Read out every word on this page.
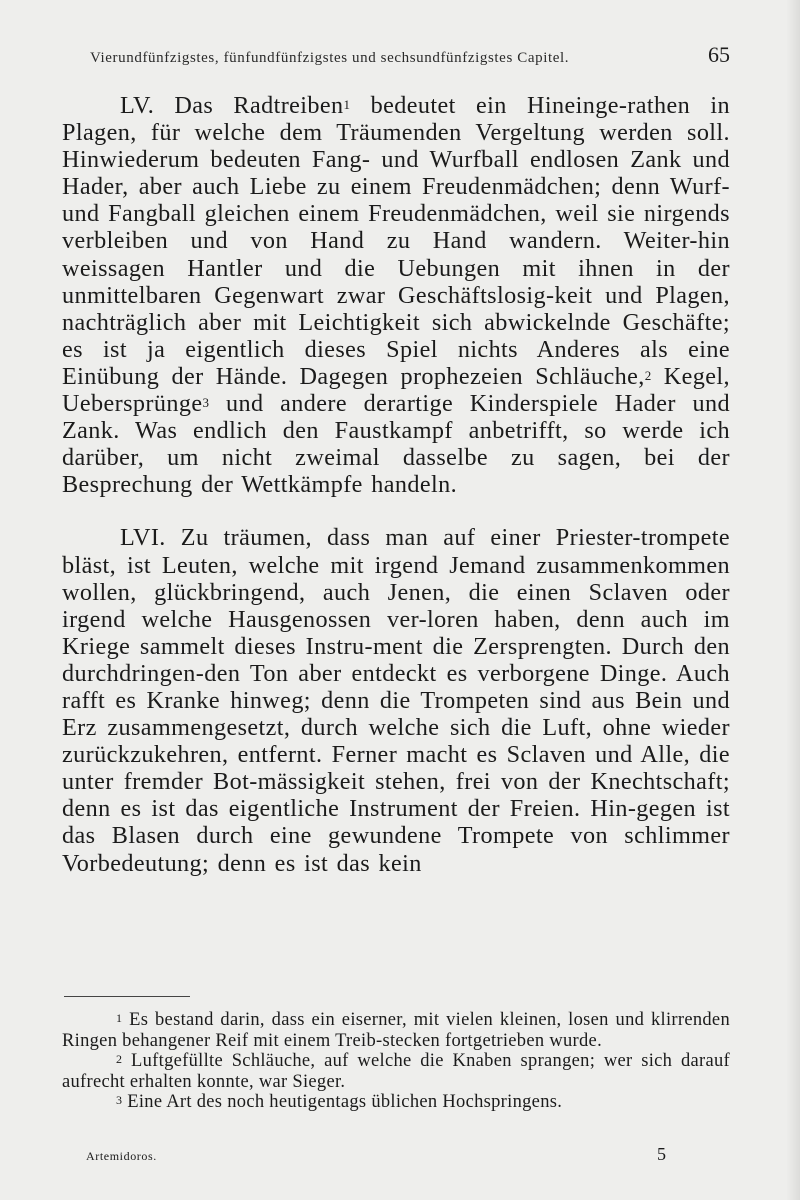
Vierundfünfzigstes, fünfundfünfzigstes und sechsundfünfzigstes Capitel.	65

LV. Das Radtreiben$^1$ bedeutet ein Hineinge-rathen in Plagen, für welche dem Träumenden Vergeltung werden soll. Hinwiederum bedeuten Fang- und Wurfball endlosen Zank und Hader, aber auch Liebe zu einem Freudenmädchen; denn Wurf- und Fangball gleichen einem Freudenmädchen, weil sie nirgends verbleiben und von Hand zu Hand wandern. Weiter-hin weissagen Hantler und die Uebungen mit ihnen in der unmittelbaren Gegenwart zwar Geschäftslosig-keit und Plagen, nachträglich aber mit Leichtigkeit sich abwickelnde Geschäfte; es ist ja eigentlich dieses Spiel nichts Anderes als eine Einübung der Hände. Dagegen prophezeien Schläuche,$^2$ Kegel, Uebersprünge$^3$ und andere derartige Kinderspiele Hader und Zank. Was endlich den Faustkampf anbetrifft, so werde ich darüber, um nicht zweimal dasselbe zu sagen, bei der Besprechung der Wettkämpfe handeln.

LVI. Zu träumen, dass man auf einer Priester-trompete bläst, ist Leuten, welche mit irgend Jemand zusammenkommen wollen, glückbringend, auch Jenen, die einen Sclaven oder irgend welche Hausgenossen ver-loren haben, denn auch im Kriege sammelt dieses Instru-ment die Zersprengten. Durch den durchdringen-den Ton aber entdeckt es verborgene Dinge. Auch rafft es Kranke hinweg; denn die Trompeten sind aus Bein und Erz zusammengesetzt, durch welche sich die Luft, ohne wieder zurückzukehren, entfernt. Ferner macht es Sclaven und Alle, die unter fremder Bot-mässigkeit stehen, frei von der Knechtschaft; denn es ist das eigentliche Instrument der Freien. Hin-gegen ist das Blasen durch eine gewundene Trompete von schlimmer Vorbedeutung; denn es ist das kein

$^1$ Es bestand darin, dass ein eiserner, mit vielen kleinen, losen und klirrenden Ringen behangener Reif mit einem Treib-stecken fortgetrieben wurde.

$^2$ Luftgefüllte Schläuche, auf welche die Knaben sprangen; wer sich darauf aufrecht erhalten konnte, war Sieger.

$^3$ Eine Art des noch heutigentags üblichen Hochspringens.

Artemidoros.	5
